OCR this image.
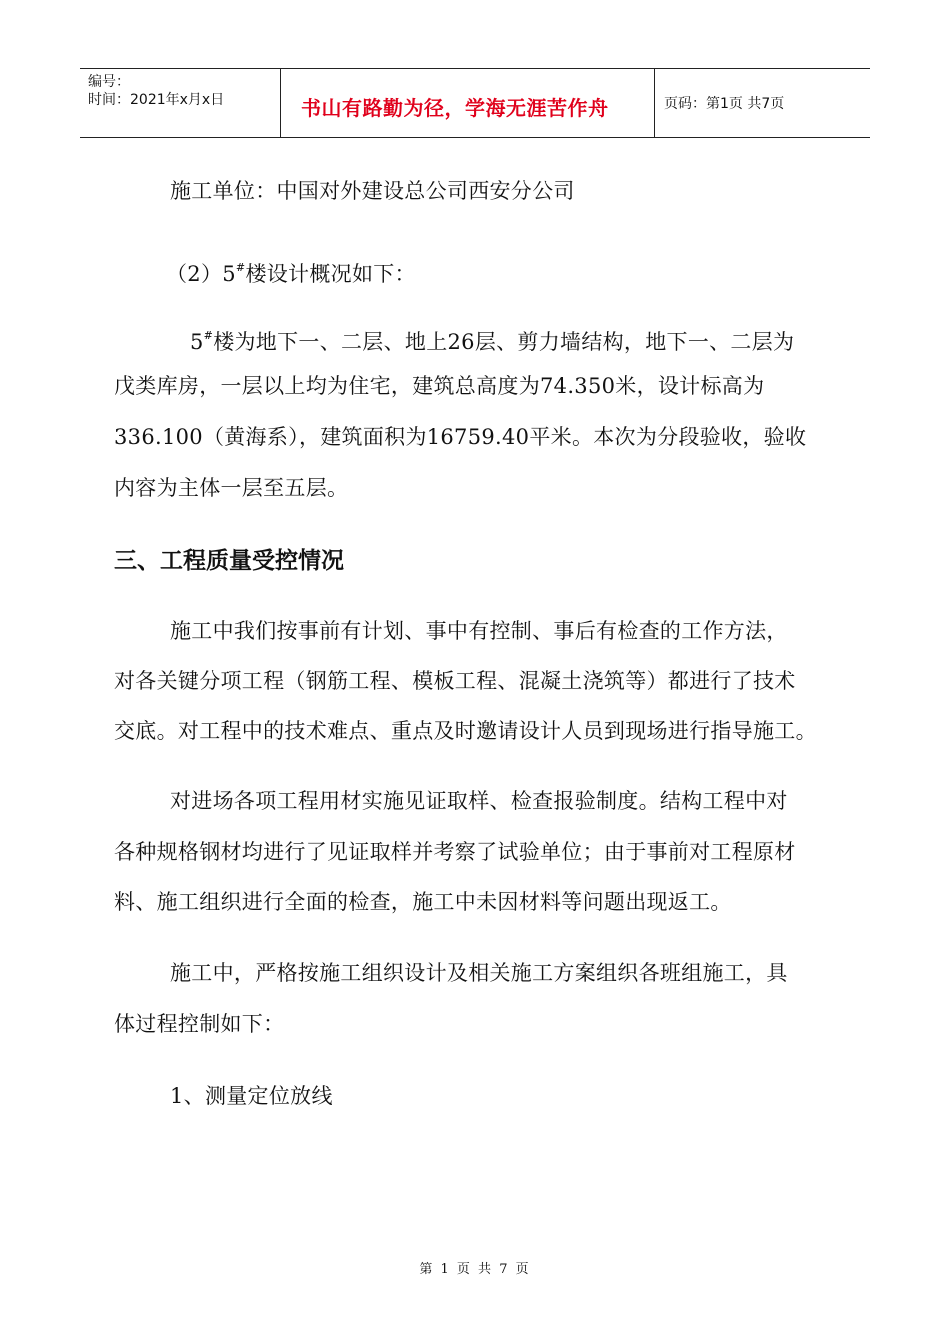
编号：
时间：2021年x月x日	书山有路勤为径，学海无涯苦作舟	页码：第1页 共7页
施工单位：中国对外建设总公司西安分公司
（2）5#楼设计概况如下：
5#楼为地下一、二层、地上26层、剪力墙结构，地下一、二层为
戊类库房，一层以上均为住宅，建筑总高度为74.350米，设计标高为
336.100（黄海系），建筑面积为16759.40平米。本次为分段验收，验收
内容为主体一层至五层。
三、工程质量受控情况
施工中我们按事前有计划、事中有控制、事后有检查的工作方法，
对各关键分项工程（钢筋工程、模板工程、混凝土浇筑等）都进行了技术
交底。对工程中的技术难点、重点及时邀请设计人员到现场进行指导施工。
对进场各项工程用材实施见证取样、检查报验制度。结构工程中对
各种规格钢材均进行了见证取样并考察了试验单位；由于事前对工程原材
料、施工组织进行全面的检查，施工中未因材料等问题出现返工。
施工中，严格按施工组织设计及相关施工方案组织各班组施工，具
体过程控制如下：
1、测量定位放线
第 1 页 共 7 页
